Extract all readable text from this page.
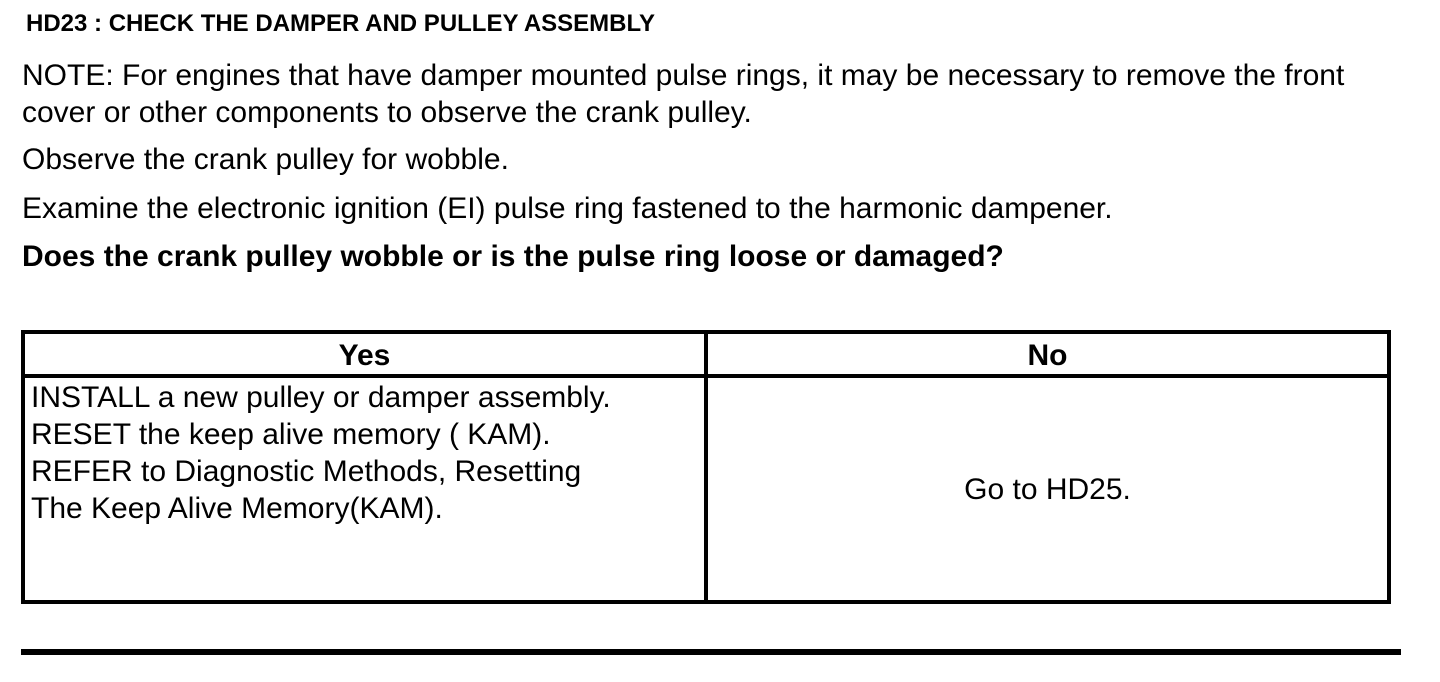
HD23 : CHECK THE DAMPER AND PULLEY ASSEMBLY
NOTE: For engines that have damper mounted pulse rings, it may be necessary to remove the front cover or other components to observe the crank pulley.
Observe the crank pulley for wobble.
Examine the electronic ignition (EI) pulse ring fastened to the harmonic dampener.
Does the crank pulley wobble or is the pulse ring loose or damaged?
Yes	No
INSTALL a new pulley or damper assembly.
RESET the keep alive memory ( KAM).
REFER to Diagnostic Methods, Resetting
The Keep Alive Memory(KAM).
Go to HD25.
